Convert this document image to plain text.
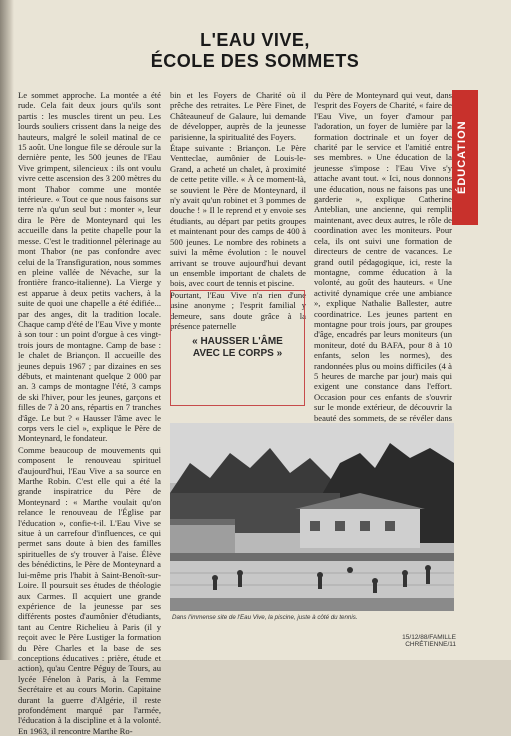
L'EAU VIVE,
ÉCOLE DES SOMMETS
ÉDUCATION

Le sommet approche. La montée a été rude. Cela fait deux jours qu'ils sont partis : les muscles tirent un peu. Les lourds souliers crissent dans la neige des hauteurs, malgré le soleil matinal de ce 15 août. Une longue file se déroule sur la dernière pente, les 500 jeunes de l'Eau Vive grimpent, silencieux : ils ont voulu vivre cette ascension des 3 200 mètres du mont Thabor comme une montée intérieure. « Tout ce que nous faisons sur terre n'a qu'un seul but : monter », leur dira le Père de Monteynard qui les accueille dans la petite chapelle pour la messe. C'est le traditionnel pèlerinage au mont Thabor (ne pas confondre avec celui de la Transfiguration, nous sommes en pleine vallée de Névache, sur la frontière franco-italienne). La Vierge y est apparue à deux petits vachers, à la suite de quoi une chapelle a été édifiée... par des anges, dit la tradition locale. Chaque camp d'été de l'Eau Vive y monte à son tour : un point d'orgue à ces vingt-trois jours de montagne. Camp de base : le chalet de Briançon. Il accueille des jeunes depuis 1967 ; par dizaines en ses débuts, et maintenant quelque 2 000 par an. 3 camps de montagne l'été, 3 camps de ski l'hiver, pour les jeunes, garçons et filles de 7 à 20 ans, répartis en 7 tranches d'âge. Le but ? « Hausser l'âme avec le corps vers le ciel », explique le Père de Monteynard, le fondateur.

Comme beaucoup de mouvements qui composent le renouveau spirituel d'aujourd'hui, l'Eau Vive a sa source en Marthe Robin. C'est elle qui a été la grande inspiratrice du Père de Monteynard : « Marthe voulait qu'on relance le renouveau de l'Église par l'éducation », confie-t-il. L'Eau Vive se situe à un carrefour d'influences, ce qui permet sans doute à bien des familles spirituelles de s'y trouver à l'aise. Élève des bénédictins, le Père de Monteynard a lui-même pris l'habit à Saint-Benoît-sur-Loire. Il poursuit ses études de théologie aux Carmes. Il acquiert une grande expérience de la jeunesse par ses différents postes d'aumônier d'étudiants, tant au Centre Richelieu à Paris (il y reçoit avec le Père Lustiger la formation du Père Charles et la base de ses conceptions éducatives : prière, étude et action), qu'au Centre Péguy de Tours, au lycée Fénelon à Paris, à la Femme Secrétaire et au cours Morin. Capitaine durant la guerre d'Algérie, il reste profondément marqué par l'armée, l'éducation à la discipline et à la volonté. En 1963, il rencontre Marthe Ro-

bin et les Foyers de Charité où il prêche des retraites. Le Père Finet, de Châteauneuf de Galaure, lui demande de développer, auprès de la jeunesse parisienne, la spiritualité des Foyers.

Étape suivante : Briançon. Le Père Ventteclae, aumônier de Louis-le-Grand, a acheté un chalet, à proximité de cette petite ville. « À ce moment-là, se souvient le Père de Monteynard, il n'y avait qu'un robinet et 3 pommes de douche ! » Il le reprend et y envoie ses étudiants, au départ par petits groupes et maintenant pour des camps de 400 à 500 jeunes. Le nombre des robinets a suivi la même évolution : le nouvel arrivant se trouve aujourd'hui devant un ensemble important de chalets de bois, avec court de tennis et piscine.

Pourtant, l'Eau Vive n'a rien d'une usine anonyme ; l'esprit familial y demeure, sans doute grâce à la présence paternelle

« HAUSSER L'ÂME AVEC LE CORPS »

du Père de Monteynard qui veut, dans l'esprit des Foyers de Charité, « faire de l'Eau Vive, un foyer d'amour par l'adoration, un foyer de lumière par la formation doctrinale et un foyer de charité par le service et l'amitié entre ses membres. » Une éducation de la jeunesse s'impose : l'Eau Vive s'y attache avant tout. « Ici, nous donnons une éducation, nous ne faisons pas une garderie », explique Catherine Anteblian, une ancienne, qui remplit maintenant, avec deux autres, le rôle de coordination avec les moniteurs. Pour cela, ils ont suivi une formation de directeurs de centre de vacances. Le grand outil pédagogique, ici, reste la montagne, comme éducation à la volonté, au goût des hauteurs. « Une activité dynamique crée une ambiance », explique Nathalie Ballester, autre coordinatrice. Les jeunes partent en montagne pour trois jours, par groupes d'âge, encadrés par leurs moniteurs (un moniteur, doté du BAFA, pour 8 à 10 enfants, selon les normes), des randonnées plus ou moins difficiles (4 à 5 heures de marche par jour) mais qui exigent une constance dans l'effort. Occasion pour ces enfants de s'ouvrir sur le monde extérieur, de découvrir la beauté des sommets, de se révéler dans

Dans l'immense site de l'Eau Vive, la piscine, juste à côté du tennis.
15/12/88/FAMILLE CHRÉTIENNE/11
